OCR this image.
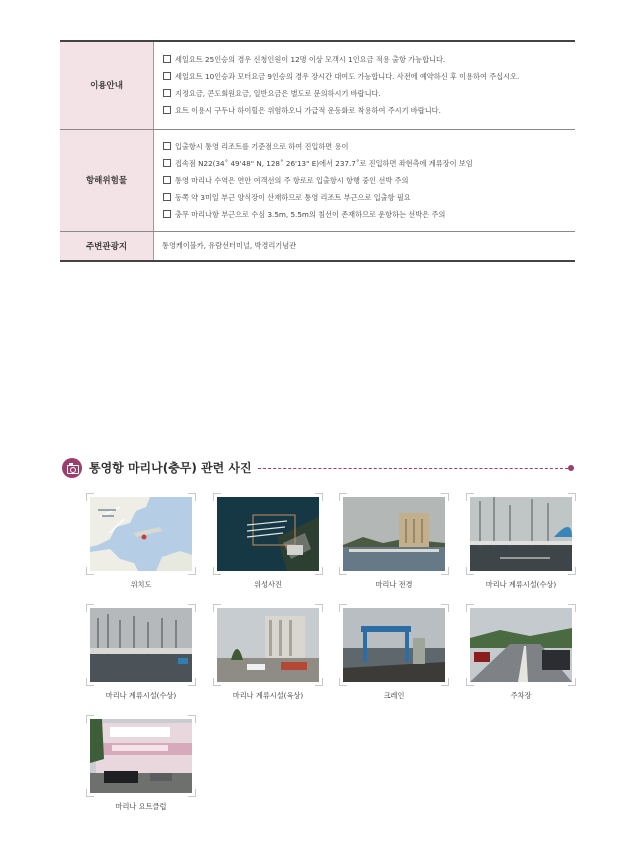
이용안내	세일요트 25인승의 경우 신청인원이 12명 이상 모객시 1인요금 적용 출항 가능합니다.
세일요트 10인승과 모터요금 9인승의 경우 장시간 대여도 가능합니다. 사전에 예약하신 후 이용하여 주십시오.
지정요금, 콘도회원요금, 일반요금은 별도로 문의하시기 바랍니다.
요트 이용시 구두나 하이힐은 위험하오니 가급적 운동화로 착용하여 주시기 바랍니다.

항해위험물	입출항시 통영 리조트를 기준점으로 하여 진입하면 용이
접속점 N22(34˚ 49'48" N, 128˚ 26'13" E)에서 237.7˚로 진입하면 좌현측에 계류장이 보임
통영 마리나 수역은 연안 여객선의 주 항로로 입출항시 항행 중인 선박 주의
동쪽 약 3미일 부근 양식장이 산재하므로 통영 리조트 부근으로 입출항 필요
충무 마리나항 부근으로 수심 3.5m, 5.5m의 침선이 존재하므로 운항하는 선박은 주의

주변관광지	통영케이블카, 유람선터미널, 박경리기념관
통영항 마리나(충무) 관련 사진
위치도	위성사진	마리나 전경	마리나 계류시설(수상)
마리나 계류시설(수상)	마리나 계류시설(육상)	크레인	주차장
마리나 요트클럽
